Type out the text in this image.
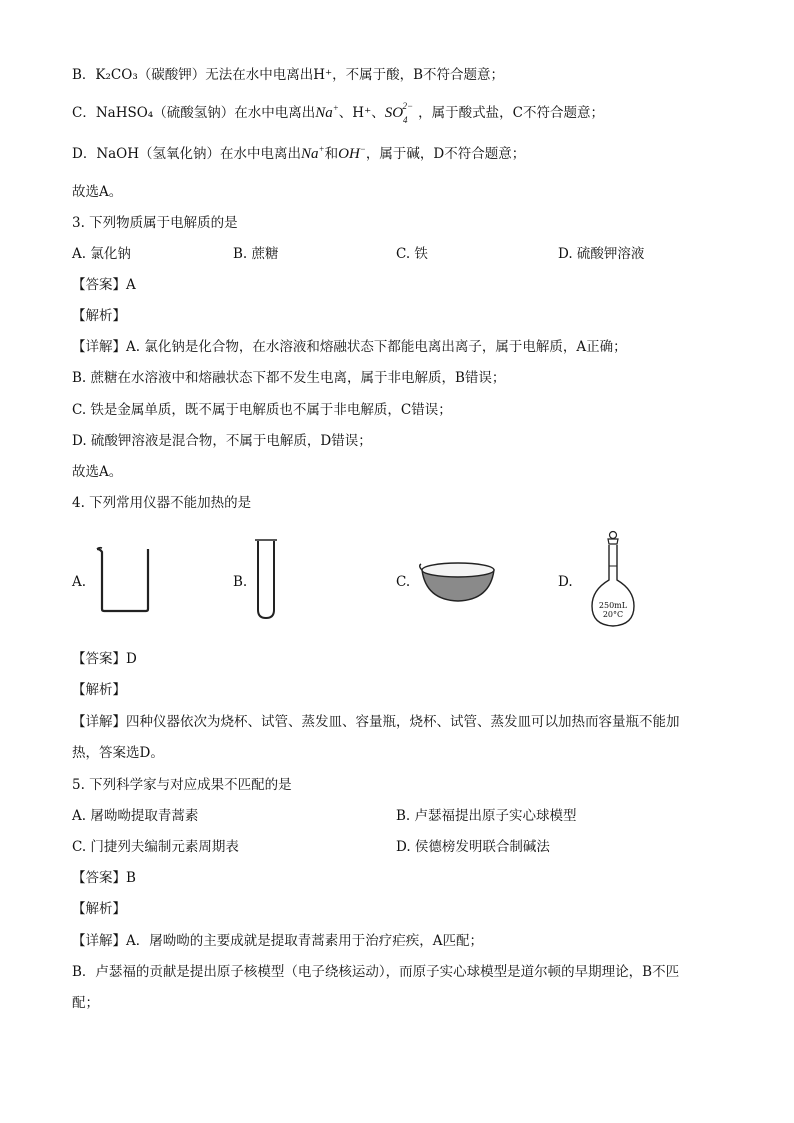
B．K₂CO₃（碳酸钾）无法在水中电离出H⁺，不属于酸，B不符合题意；
C．NaHSO₄（硫酸氢钠）在水中电离出Na+、H⁺、$SO_4^{2-}$ ，属于酸式盐，C不符合题意；
D．NaOH（氢氧化钠）在水中电离出Na+和OH−，属于碱，D不符合题意；
故选A。
3. 下列物质属于电解质的是
A. 氯化钠	B. 蔗糖	C. 铁	D. 硫酸钾溶液
【答案】A
【解析】
【详解】A. 氯化钠是化合物，在水溶液和熔融状态下都能电离出离子，属于电解质，A正确；
B. 蔗糖在水溶液中和熔融状态下都不发生电离，属于非电解质，B错误；
C. 铁是金属单质，既不属于电解质也不属于非电解质，C错误；
D. 硫酸钾溶液是混合物，不属于电解质，D错误；
故选A。
4. 下列常用仪器不能加热的是
A.	B.	C.	D.
250mL
20°C
【答案】D
【解析】
【详解】四种仪器依次为烧杯、试管、蒸发皿、容量瓶，烧杯、试管、蒸发皿可以加热而容量瓶不能加
热，答案选D。
5. 下列科学家与对应成果不匹配的是
A. 屠呦呦提取青蒿素	B. 卢瑟福提出原子实心球模型
C. 门捷列夫编制元素周期表	D. 侯德榜发明联合制碱法
【答案】B
【解析】
【详解】A．屠呦呦的主要成就是提取青蒿素用于治疗疟疾，A匹配；
B．卢瑟福的贡献是提出原子核模型（电子绕核运动），而原子实心球模型是道尔顿的早期理论，B不匹
配；
